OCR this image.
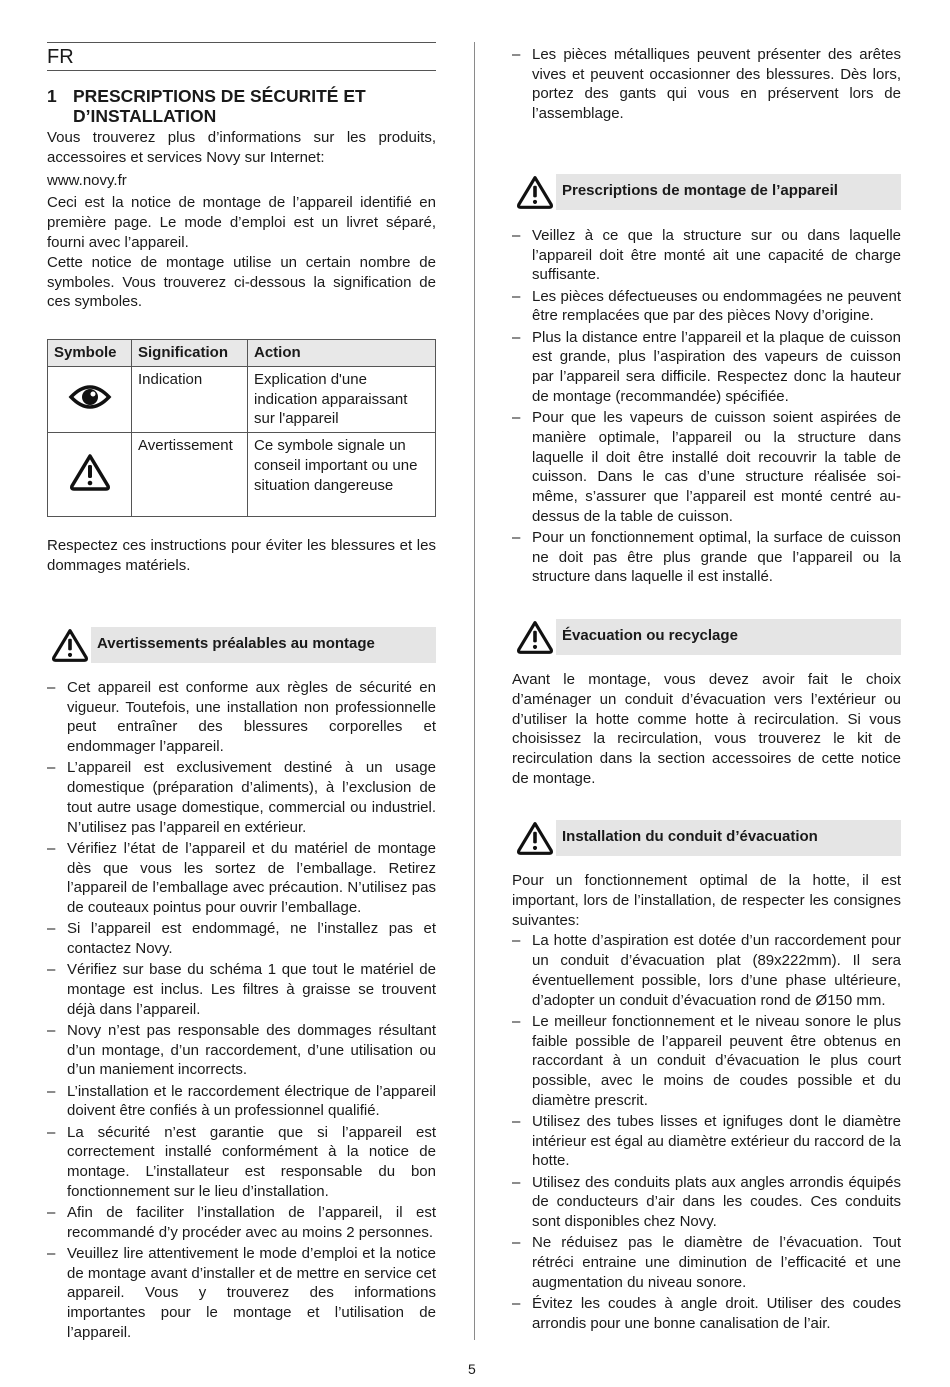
FR
1 PRESCRIPTIONS DE SÉCURITÉ ET D’INSTALLATION

Vous trouverez plus d’informations sur les produits, accessoires et services Novy sur Internet:

www.novy.fr

Ceci est la notice de montage de l’appareil identifié en première page. Le mode d’emploi est un livret séparé, fourni avec l’appareil.

Cette notice de montage utilise un certain nombre de symboles. Vous trouverez ci-dessous la signification de ces symboles.

Symbole	Signification	Action
	Indication	Explication d'une indication apparaissant sur l'appareil
	Avertissement	Ce symbole signale un conseil important ou une situation dangereuse

Respectez ces instructions pour éviter les blessures et les dommages matériels.

Avertissements préalables au montage
– Cet appareil est conforme aux règles de sécurité en vigueur. Toutefois, une installation non professionnelle peut entraîner des blessures corporelles et endommager l’appareil.
– L’appareil est exclusivement destiné à un usage domestique (préparation d’aliments), à l’exclusion de tout autre usage domestique, commercial ou industriel. N’utilisez pas l’appareil en extérieur.
– Vérifiez l’état de l’appareil et du matériel de montage dès que vous les sortez de l’emballage. Retirez l’appareil de l’emballage avec précaution. N’utilisez pas de couteaux pointus pour ouvrir l’emballage.
– Si l’appareil est endommagé, ne l’installez pas et contactez Novy.
– Vérifiez sur base du schéma 1 que tout le matériel de montage est inclus. Les filtres à graisse se trouvent déjà dans l’appareil.
– Novy n’est pas responsable des dommages résultant d’un montage, d’un raccordement, d’une utilisation ou d’un maniement incorrects.
– L’installation et le raccordement électrique de l’appareil doivent être confiés à un professionnel qualifié.
– La sécurité n’est garantie que si l’appareil est correctement installé conformément à la notice de montage. L’installateur est responsable du bon fonctionnement sur le lieu d’installation.
– Afin de faciliter l’installation de l’appareil, il est recommandé d’y procéder avec au moins 2 personnes.
– Veuillez lire attentivement le mode d’emploi et la notice de montage avant d’installer et de mettre en service cet appareil. Vous y trouverez des informations importantes pour le montage et l’utilisation de l’appareil.
– Les pièces métalliques peuvent présenter des arêtes vives et peuvent occasionner des blessures. Dès lors, portez des gants qui vous en préservent lors de l’assemblage.
Prescriptions de montage de l’appareil
– Veillez à ce que la structure sur ou dans laquelle l’appareil doit être monté ait une capacité de charge suffisante.
– Les pièces défectueuses ou endommagées ne peuvent être remplacées que par des pièces Novy d’origine.
– Plus la distance entre l’appareil et la plaque de cuisson est grande, plus l’aspiration des vapeurs de cuisson par l’appareil sera difficile. Respectez donc la hauteur de montage (recommandée) spécifiée.
– Pour que les vapeurs de cuisson soient aspirées de manière optimale, l’appareil ou la structure dans laquelle il doit être installé doit recouvrir la table de cuisson. Dans le cas d’une structure réalisée soi-même, s’assurer que l’appareil est monté centré au-dessus de la table de cuisson.
– Pour un fonctionnement optimal, la surface de cuisson ne doit pas être plus grande que l’appareil ou la structure dans laquelle il est installé.
Évacuation ou recyclage

Avant le montage, vous devez avoir fait le choix d’aménager un conduit d’évacuation vers l’extérieur ou d’utiliser la hotte comme hotte à recirculation. Si vous choisissez la recirculation, vous trouverez le kit de recirculation dans la section accessoires de cette notice de montage.

Installation du conduit d’évacuation

Pour un fonctionnement optimal de la hotte, il est important, lors de l’installation, de respecter les consignes suivantes:

– La hotte d’aspiration est dotée d’un raccordement pour un conduit d’évacuation plat (89x222mm). Il sera éventuellement possible, lors d’une phase ultérieure, d’adopter un conduit d’évacuation rond de Ø150 mm.
– Le meilleur fonctionnement et le niveau sonore le plus faible possible de l’appareil peuvent être obtenus en raccordant à un conduit d’évacuation le plus court possible, avec le moins de coudes possible et du diamètre prescrit.
– Utilisez des tubes lisses et ignifuges dont le diamètre intérieur est égal au diamètre extérieur du raccord de la hotte.
– Utilisez des conduits plats aux angles arrondis équipés de conducteurs d’air dans les coudes. Ces conduits sont disponibles chez Novy.
– Ne réduisez pas le diamètre de l’évacuation. Tout rétréci entraine une diminution de l’efficacité et une augmentation du niveau sonore.
– Évitez les coudes à angle droit. Utiliser des coudes arrondis pour une bonne canalisation de l’air.
5
